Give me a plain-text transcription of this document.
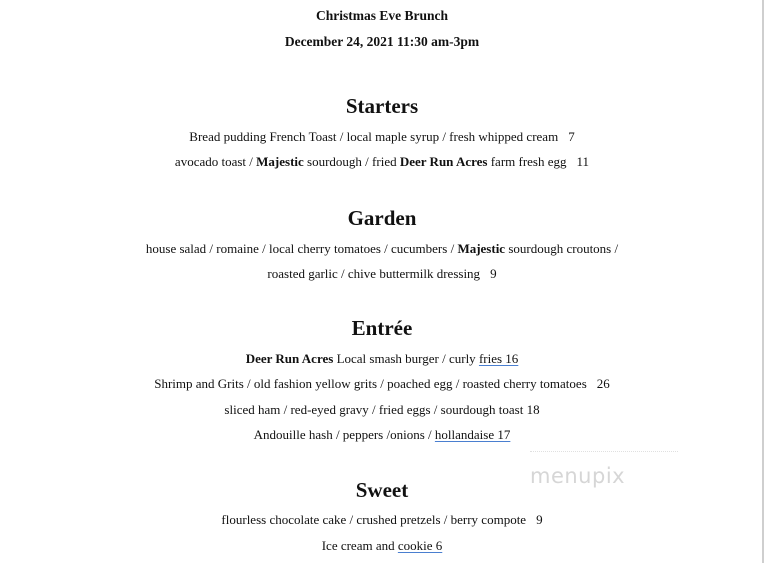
Christmas Eve Brunch
December 24, 2021 11:30 am-3pm
Starters
Bread pudding French Toast / local maple syrup / fresh whipped cream 7
avocado toast / Majestic sourdough / fried Deer Run Acres farm fresh egg 11
Garden
house salad / romaine / local cherry tomatoes / cucumbers / Majestic sourdough croutons /
roasted garlic / chive buttermilk dressing 9
Entrée
Deer Run Acres Local smash burger / curly fries 16
Shrimp and Grits / old fashion yellow grits / poached egg / roasted cherry tomatoes 26
sliced ham / red-eyed gravy / fried eggs / sourdough toast 18
Andouille hash / peppers /onions / hollandaise 17
Sweet
flourless chocolate cake / crushed pretzels / berry compote 9
Ice cream and cookie 6
menupix
